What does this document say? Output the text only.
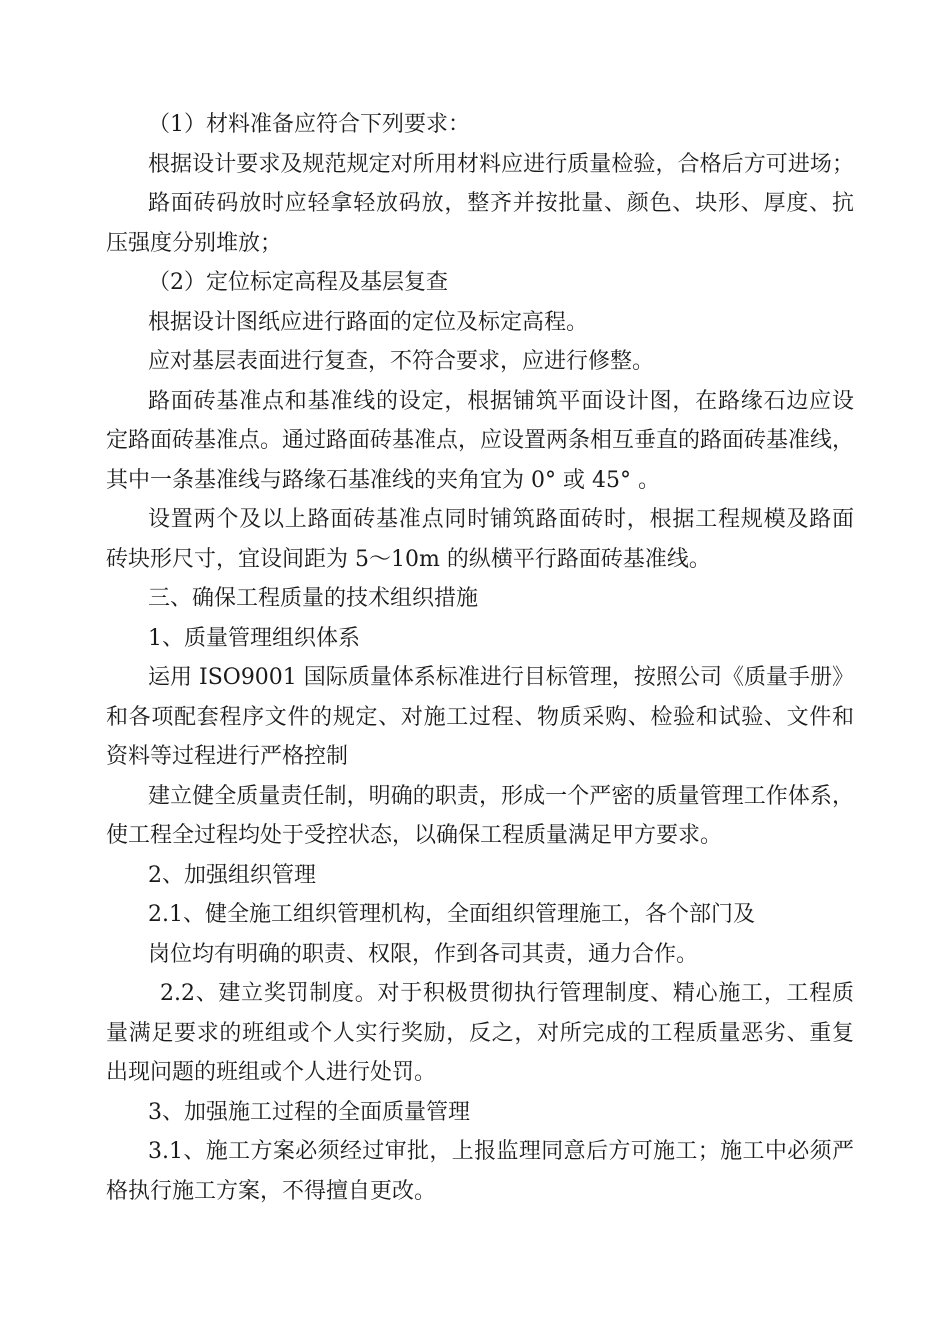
（1）材料准备应符合下列要求：
根据设计要求及规范规定对所用材料应进行质量检验，合格后方可进场；
路面砖码放时应轻拿轻放码放，整齐并按批量、颜色、块形、厚度、抗
压强度分别堆放；
（2）定位标定高程及基层复查
根据设计图纸应进行路面的定位及标定高程。
应对基层表面进行复查，不符合要求，应进行修整。
路面砖基准点和基准线的设定，根据铺筑平面设计图，在路缘石边应设
定路面砖基准点。通过路面砖基准点，应设置两条相互垂直的路面砖基准线，
其中一条基准线与路缘石基准线的夹角宜为 0° 或 45° 。
设置两个及以上路面砖基准点同时铺筑路面砖时，根据工程规模及路面
砖块形尺寸，宜设间距为 5～10m 的纵横平行路面砖基准线。
三、确保工程质量的技术组织措施
1、质量管理组织体系
运用 ISO9001 国际质量体系标准进行目标管理，按照公司《质量手册》
和各项配套程序文件的规定、对施工过程、物质采购、检验和试验、文件和
资料等过程进行严格控制
建立健全质量责任制，明确的职责，形成一个严密的质量管理工作体系，
使工程全过程均处于受控状态，以确保工程质量满足甲方要求。
2、加强组织管理
2.1、健全施工组织管理机构，全面组织管理施工，各个部门及
岗位均有明确的职责、权限，作到各司其责，通力合作。
2.2、建立奖罚制度。对于积极贯彻执行管理制度、精心施工，工程质
量满足要求的班组或个人实行奖励，反之，对所完成的工程质量恶劣、重复
出现问题的班组或个人进行处罚。
3、加强施工过程的全面质量管理
3.1、施工方案必须经过审批，上报监理同意后方可施工；施工中必须严
格执行施工方案，不得擅自更改。
